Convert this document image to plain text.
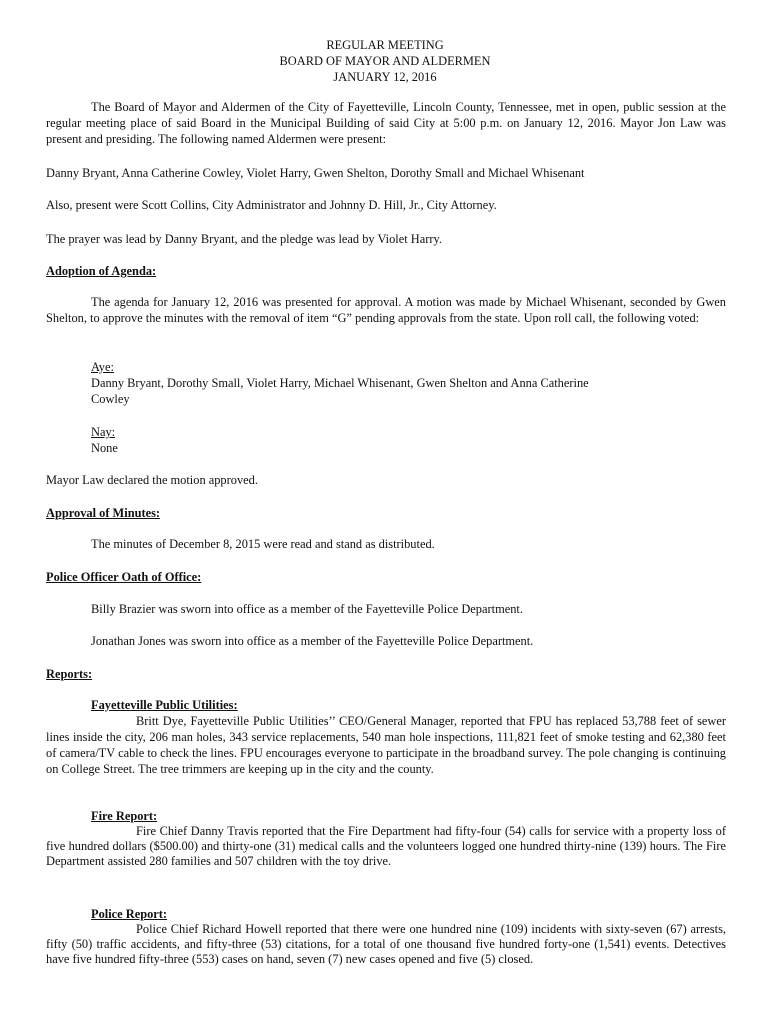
REGULAR MEETING
BOARD OF MAYOR AND ALDERMEN
JANUARY 12, 2016

The Board of Mayor and Aldermen of the City of Fayetteville, Lincoln County, Tennessee, met in open, public session at the regular meeting place of said Board in the Municipal Building of said City at 5:00 p.m. on January 12, 2016. Mayor Jon Law was present and presiding. The following named Aldermen were present:

Danny Bryant, Anna Catherine Cowley, Violet Harry, Gwen Shelton, Dorothy Small and Michael Whisenant

Also, present were Scott Collins, City Administrator and Johnny D. Hill, Jr., City Attorney.

The prayer was lead by Danny Bryant, and the pledge was lead by Violet Harry.

Adoption of Agenda:

The agenda for January 12, 2016 was presented for approval. A motion was made by Michael Whisenant, seconded by Gwen Shelton, to approve the minutes with the removal of item “G” pending approvals from the state. Upon roll call, the following voted:

Aye:

Danny Bryant, Dorothy Small, Violet Harry, Michael Whisenant, Gwen Shelton and Anna Catherine
Cowley

Nay:

None

Mayor Law declared the motion approved.

Approval of Minutes:

The minutes of December 8, 2015 were read and stand as distributed.

Police Officer Oath of Office:

Billy Brazier was sworn into office as a member of the Fayetteville Police Department.

Jonathan Jones was sworn into office as a member of the Fayetteville Police Department.

Reports:

Fayetteville Public Utilities:

Britt Dye, Fayetteville Public Utilities’’ CEO/General Manager, reported that FPU has replaced 53,788 feet of sewer lines inside the city, 206 man holes, 343 service replacements, 540 man hole inspections, 111,821 feet of smoke testing and 62,380 feet of camera/TV cable to check the lines. FPU encourages everyone to participate in the broadband survey. The pole changing is continuing on College Street. The tree trimmers are keeping up in the city and the county.

Fire Report:

Fire Chief Danny Travis reported that the Fire Department had fifty-four (54) calls for service with a property loss of five hundred dollars ($500.00) and thirty-one (31) medical calls and the volunteers logged one hundred thirty-nine (139) hours. The Fire Department assisted 280 families and 507 children with the toy drive.

Police Report:

Police Chief Richard Howell reported that there were one hundred nine (109) incidents with sixty-seven (67) arrests, fifty (50) traffic accidents, and fifty-three (53) citations, for a total of one thousand five hundred forty-one (1,541) events. Detectives have five hundred fifty-three (553) cases on hand, seven (7) new cases opened and five (5) closed.
